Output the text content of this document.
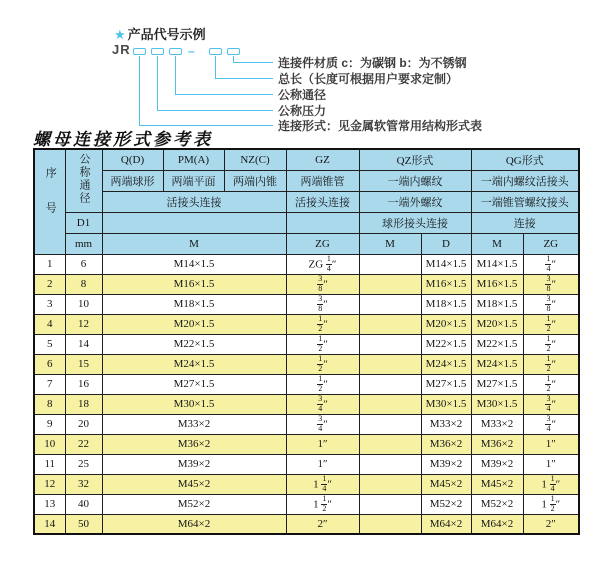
★ 产品代号示例
JR	–
连接件材质 c：为碳钢 b：为不锈钢
总长（长度可根据用户要求定制）
公称通径
公称压力
连接形式：见金属软管常用结构形式表
螺母连接形式参考表
序号	公称通径	Q(D)	PM(A)	NZ(C)	GZ	QZ形式		QG形式	
		两端球形	两端平面	两端内锥	两端锥管	一端内螺纹		一端内螺纹活接头	
		活接头连接			活接头连接	一端外螺纹		一端锥管螺纹接头	
	D1					球形接头连接		连接	
	mm	M			ZG	M	D	M	ZG
1	6	M14×1.5			ZG $\frac{1}{4}$ ″		M14×1.5	M14×1.5	$\frac{1}{4}$ ″
2	8	M16×1.5			$\frac{3}{8}$ ″		M16×1.5	M16×1.5	$\frac{3}{8}$ ″
3	10	M18×1.5			$\frac{3}{8}$ ″		M18×1.5	M18×1.5	$\frac{3}{8}$ ″
4	12	M20×1.5			$\frac{1}{2}$ ″		M20×1.5	M20×1.5	$\frac{1}{2}$ ″
5	14	M22×1.5			$\frac{1}{2}$ ″		M22×1.5	M22×1.5	$\frac{1}{2}$ ″
6	15	M24×1.5			$\frac{1}{2}$ ″		M24×1.5	M24×1.5	$\frac{1}{2}$ ″
7	16	M27×1.5			$\frac{1}{2}$ ″		M27×1.5	M27×1.5	$\frac{1}{2}$ ″
8	18	M30×1.5			$\frac{3}{4}$ ″		M30×1.5	M30×1.5	$\frac{3}{4}$ ″
9	20	M33×2			$\frac{3}{4}$ ″		M33×2	M33×2	$\frac{3}{4}$ ″
10	22	M36×2			1″		M36×2	M36×2	1″
11	25	M39×2			1″		M39×2	M39×2	1″
12	32	M45×2			$1 \frac{1}{4}$ ″		M45×2	M45×2	$1 \frac{1}{4}$ ″
13	40	M52×2			$1 \frac{1}{2}$ ″		M52×2	M52×2	$1 \frac{1}{2}$ ″
14	50	M64×2			2″		M64×2	M64×2	2″
